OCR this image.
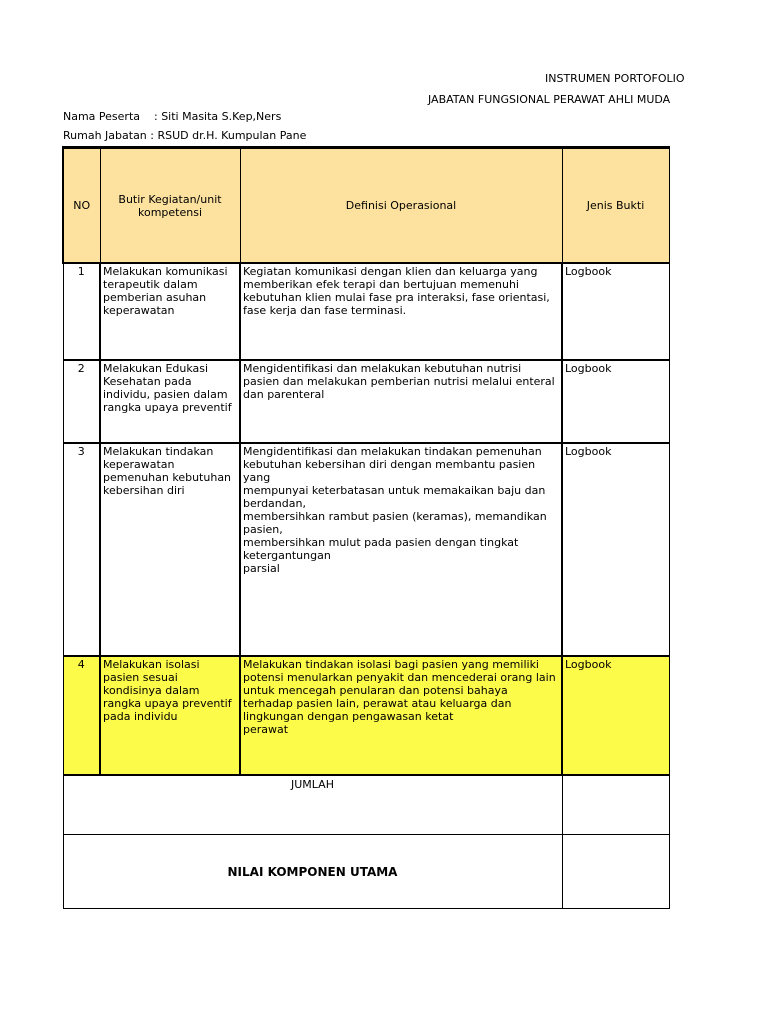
INSTRUMEN PORTOFOLIO
JABATAN FUNGSIONAL PERAWAT AHLI MUDA
Nama Peserta    : Siti Masita S.Kep,Ners
Rumah Jabatan : RSUD dr.H. Kumpulan Pane
NO	Butir Kegiatan/unit kompetensi	Definisi Operasional	Jenis Bukti
1	Melakukan komunikasi terapeutik dalam pemberian asuhan keperawatan	Kegiatan komunikasi dengan klien dan keluarga yang memberikan efek terapi dan bertujuan memenuhi kebutuhan klien mulai fase pra interaksi, fase orientasi, fase kerja dan fase terminasi.	Logbook
2	Melakukan Edukasi Kesehatan pada individu, pasien dalam rangka upaya preventif	Mengidentifikasi dan melakukan kebutuhan nutrisi pasien dan melakukan pemberian nutrisi melalui enteral dan parenteral	Logbook
3	Melakukan tindakan keperawatan pemenuhan kebutuhan kebersihan diri	Mengidentifikasi dan melakukan tindakan pemenuhan kebutuhan kebersihan diri dengan membantu pasien yang
mempunyai keterbatasan untuk memakaikan baju dan berdandan,
membersihkan rambut pasien (keramas), memandikan pasien,
membersihkan mulut pada pasien dengan tingkat ketergantungan
parsial	Logbook
4	Melakukan isolasi pasien sesuai kondisinya dalam rangka upaya preventif pada individu	Melakukan tindakan isolasi bagi pasien yang memiliki potensi menularkan penyakit dan mencederai orang lain untuk mencegah penularan dan potensi bahaya terhadap pasien lain, perawat atau keluarga dan lingkungan dengan pengawasan ketat
perawat	Logbook
JUMLAH			
NILAI KOMPONEN UTAMA			
